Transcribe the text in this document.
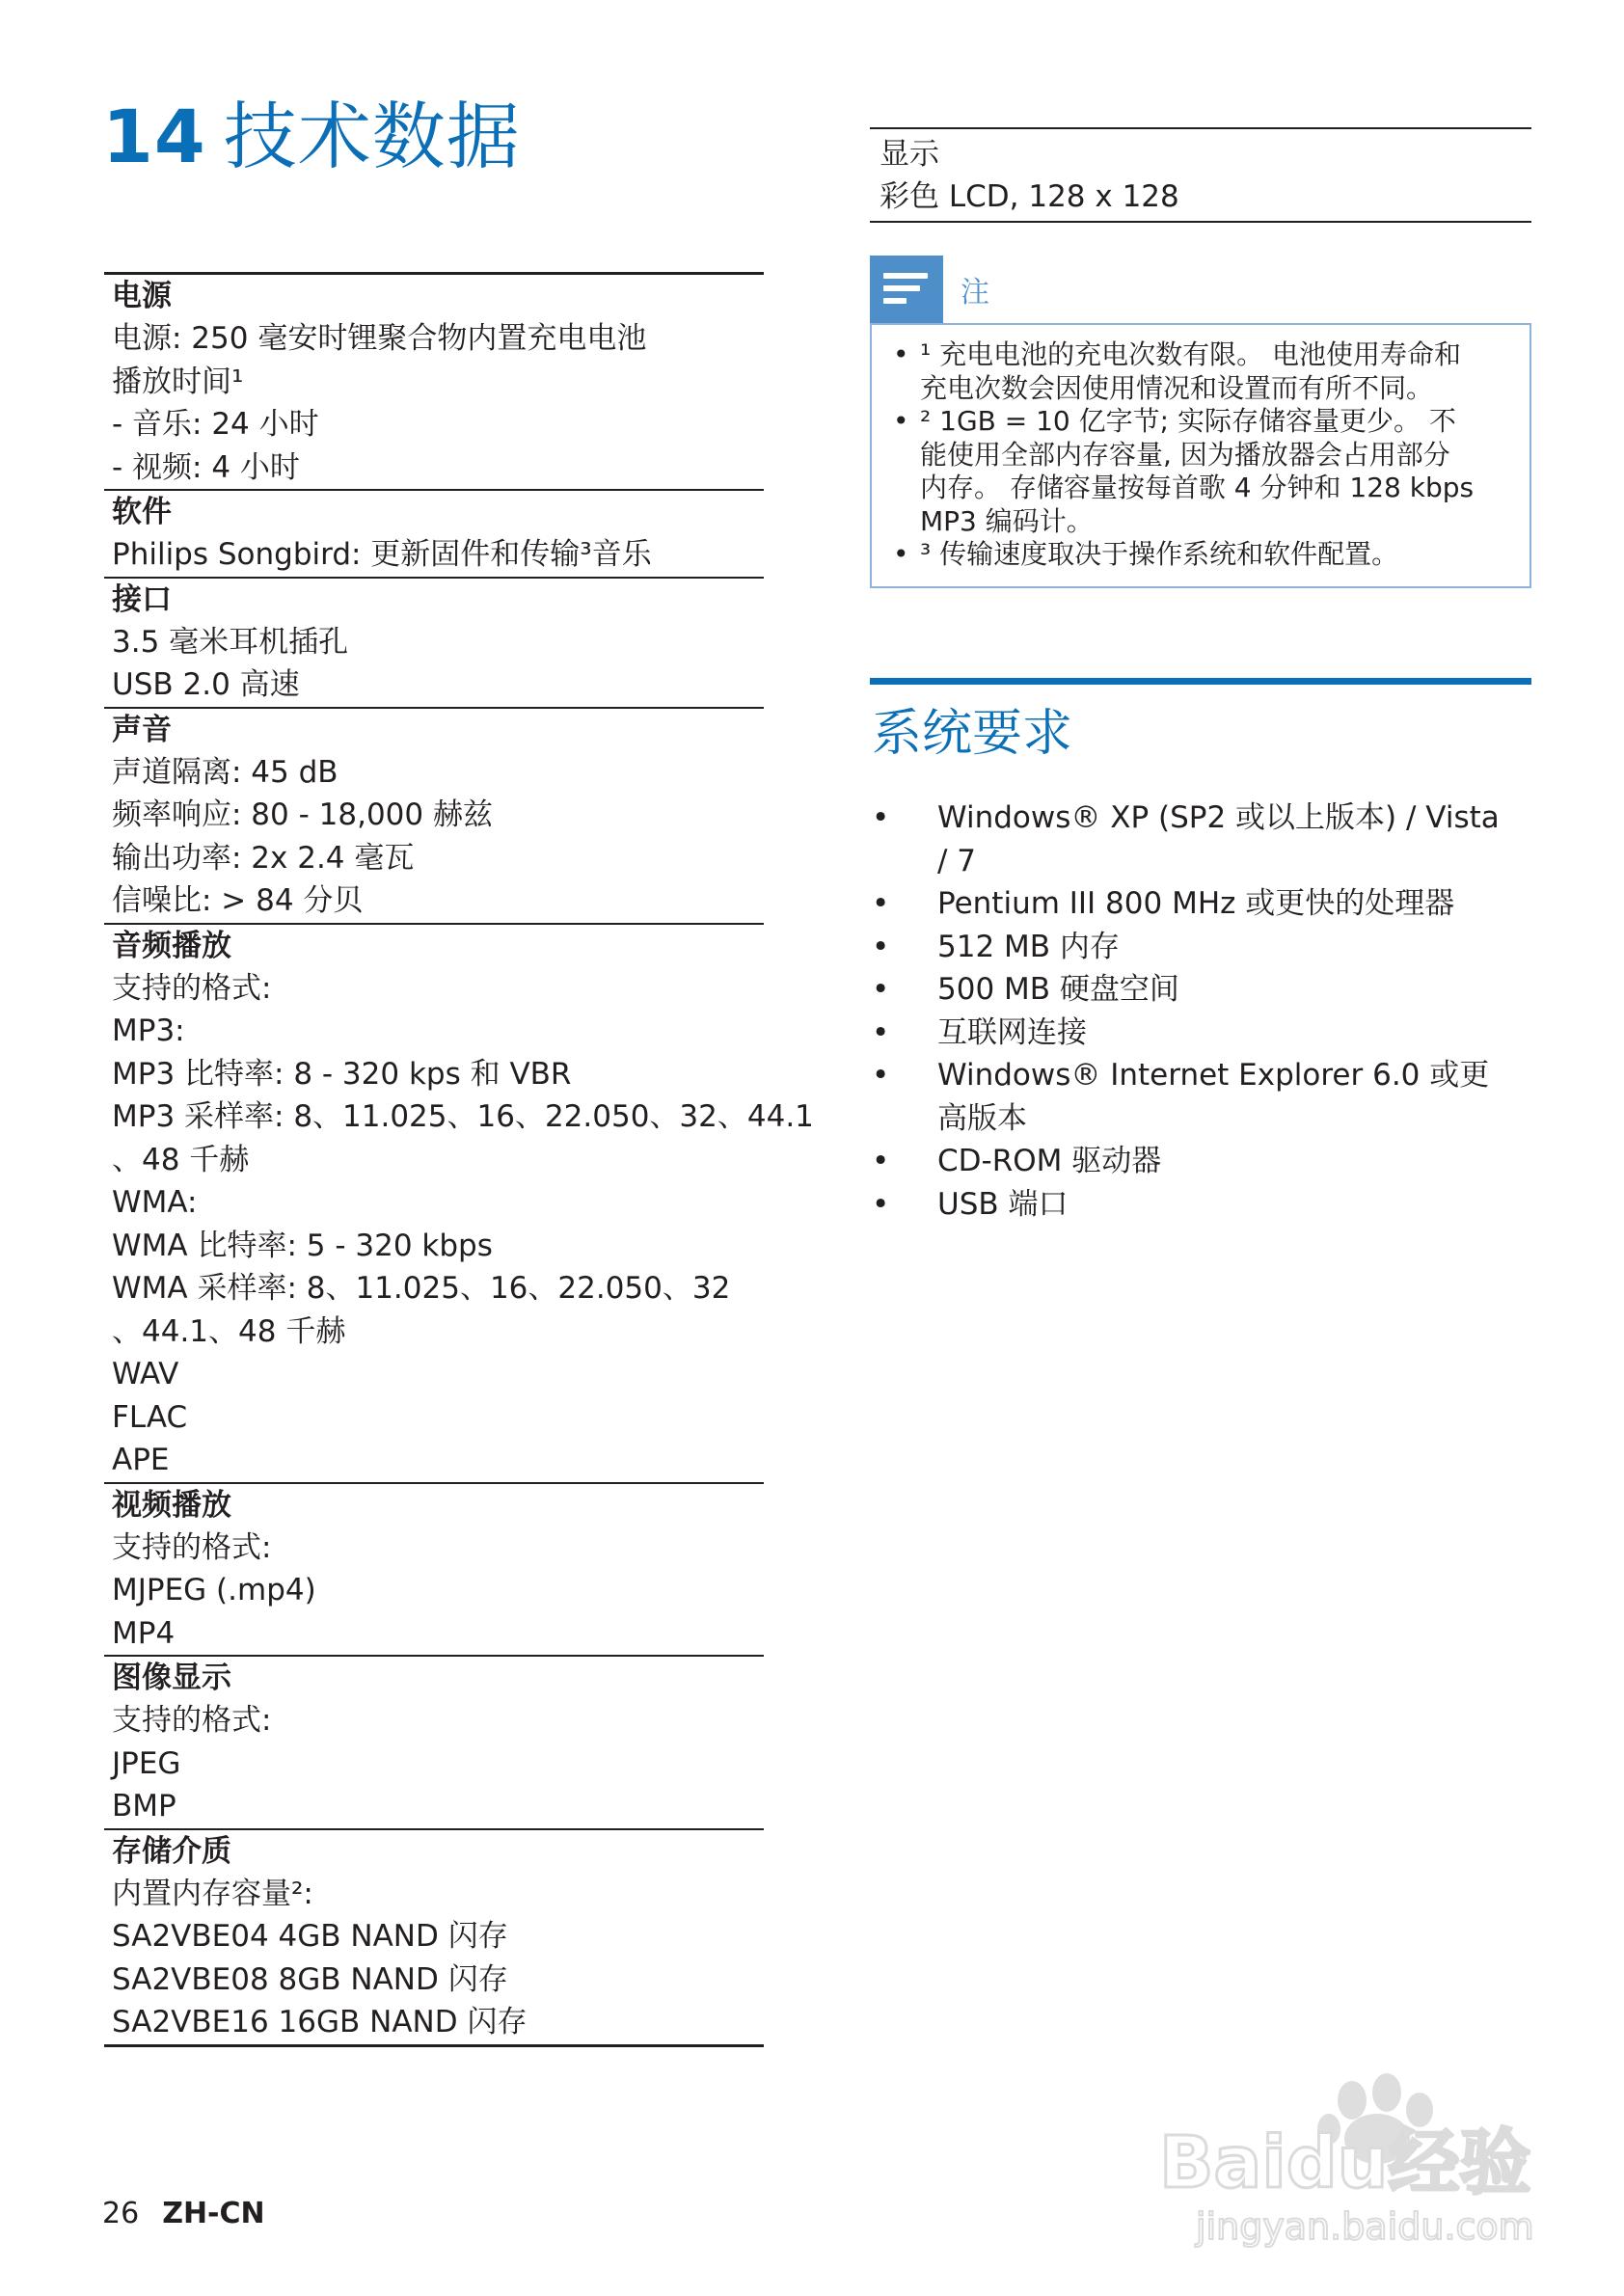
14 技术数据
电源
电源: 250 毫安时锂聚合物内置充电电池
播放时间¹
- 音乐: 24 小时
- 视频: 4 小时
软件
Philips Songbird: 更新固件和传输³音乐
接口
3.5 毫米耳机插孔
USB 2.0 高速
声音
声道隔离: 45 dB
频率响应: 80 - 18,000 赫兹
输出功率: 2x 2.4 毫瓦
信噪比: > 84 分贝
音频播放
支持的格式:
MP3:
MP3 比特率: 8 - 320 kps 和 VBR
MP3 采样率: 8、11.025、16、22.050、32、44.1
、48 千赫
WMA:
WMA 比特率: 5 - 320 kbps
WMA 采样率: 8、11.025、16、22.050、32
、44.1、48 千赫
WAV
FLAC
APE
视频播放
支持的格式:
MJPEG (.mp4)
MP4
图像显示
支持的格式:
JPEG
BMP
存储介质
内置内存容量²:
SA2VBE04 4GB NAND 闪存
SA2VBE08 8GB NAND 闪存
SA2VBE16 16GB NAND 闪存
显示
彩色 LCD, 128 x 128
注
• ¹ 充电电池的充电次数有限。 电池使用寿命和
充电次数会因使用情况和设置而有所不同。
• ² 1GB = 10 亿字节; 实际存储容量更少。 不
能使用全部内存容量, 因为播放器会占用部分
内存。 存储容量按每首歌 4 分钟和 128 kbps
MP3 编码计。
• ³ 传输速度取决于操作系统和软件配置。
系统要求
• Windows® XP (SP2 或以上版本) / Vista
/ 7
• Pentium III 800 MHz 或更快的处理器
• 512 MB 内存
• 500 MB 硬盘空间
• 互联网连接
• Windows® Internet Explorer 6.0 或更
高版本
• CD-ROM 驱动器
• USB 端口
26 ZH-CN
Baidu经验
jingyan.baidu.com
